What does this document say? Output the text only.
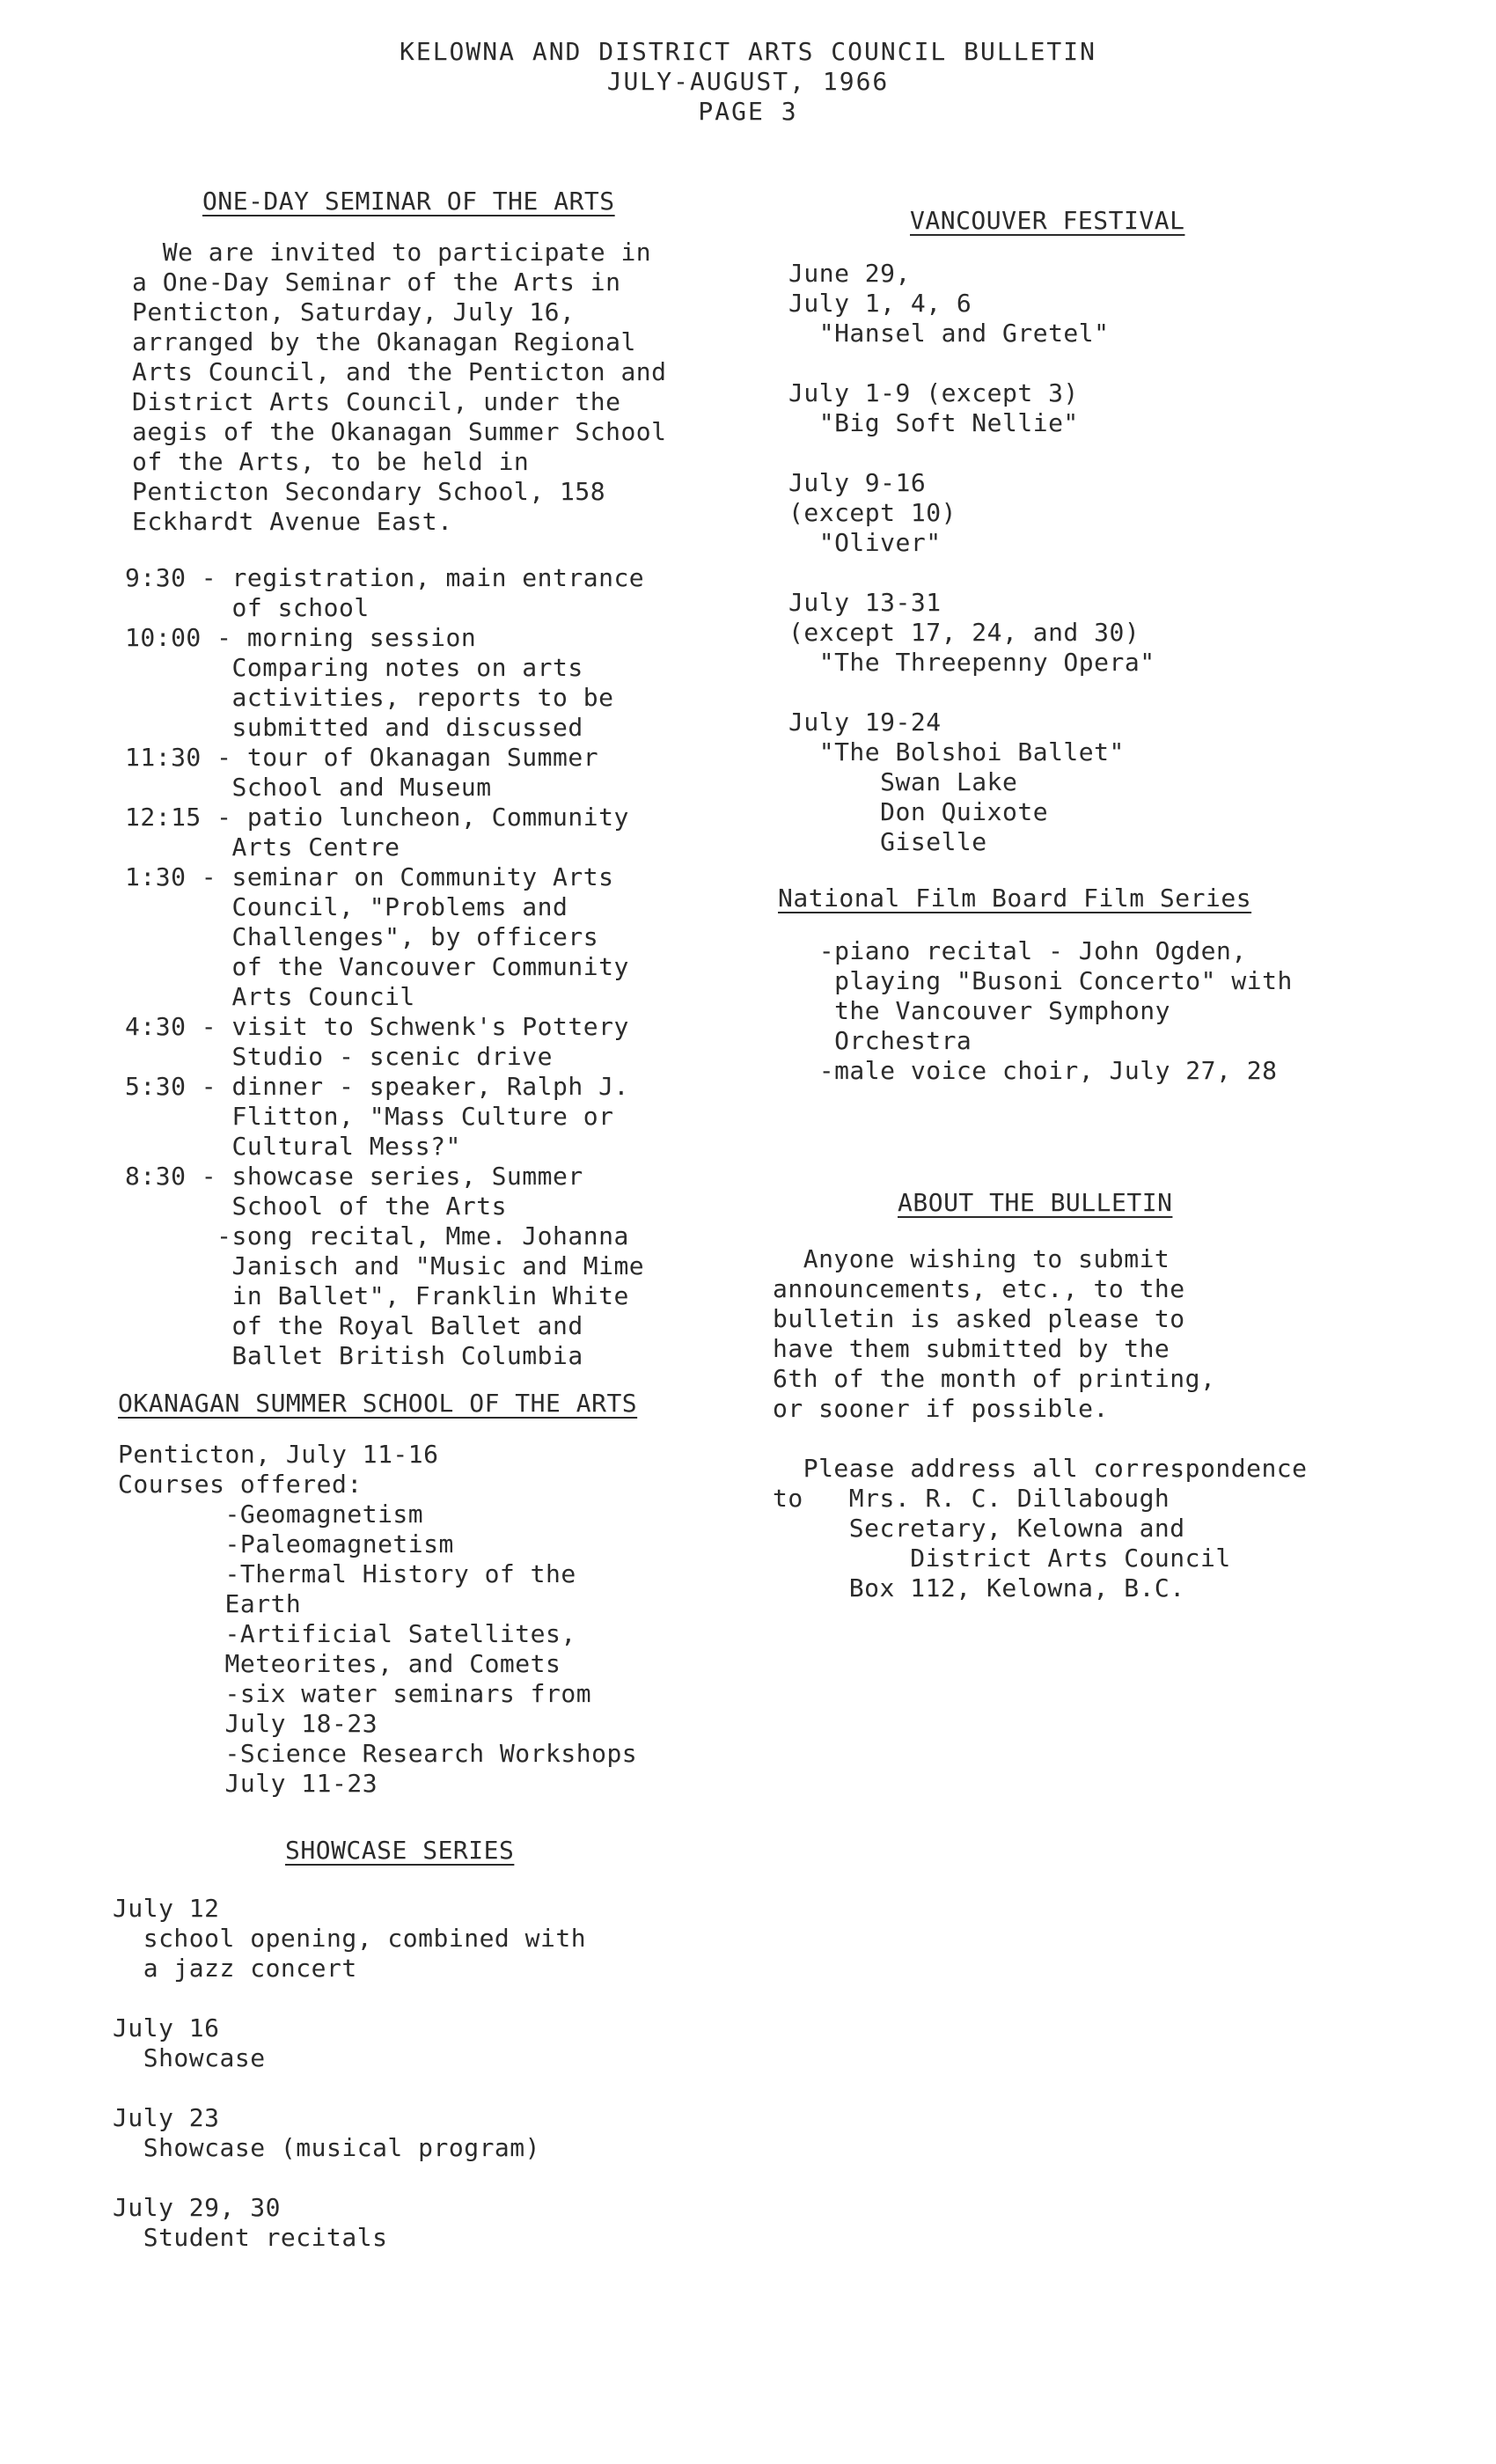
KELOWNA AND DISTRICT ARTS COUNCIL BULLETIN
JULY-AUGUST, 1966
PAGE 3
ONE-DAY SEMINAR OF THE ARTS
We are invited to participate in
a One-Day Seminar of the Arts in
Penticton, Saturday, July 16,
arranged by the Okanagan Regional
Arts Council, and the Penticton and
District Arts Council, under the
aegis of the Okanagan Summer School
of the Arts, to be held in
Penticton Secondary School, 158
Eckhardt Avenue East.
9:30 - registration, main entrance
of school
10:00 - morning session
Comparing notes on arts
activities, reports to be
submitted and discussed
11:30 - tour of Okanagan Summer
School and Museum
12:15 - patio luncheon, Community
Arts Centre
1:30 - seminar on Community Arts
Council, "Problems and
Challenges", by officers
of the Vancouver Community
Arts Council
4:30 - visit to Schwenk's Pottery
Studio - scenic drive
5:30 - dinner - speaker, Ralph J.
Flitton, "Mass Culture or
Cultural Mess?"
8:30 - showcase series, Summer
School of the Arts
-song recital, Mme. Johanna
Janisch and "Music and Mime
in Ballet", Franklin White
of the Royal Ballet and
Ballet British Columbia
OKANAGAN SUMMER SCHOOL OF THE ARTS
Penticton, July 11-16
Courses offered:
-Geomagnetism
-Paleomagnetism
-Thermal History of the
Earth
-Artificial Satellites,
Meteorites, and Comets
-six water seminars from
July 18-23
-Science Research Workshops
July 11-23
SHOWCASE SERIES
July 12
school opening, combined with
a jazz concert
July 16
Showcase
July 23
Showcase (musical program)
July 29, 30
Student recitals
VANCOUVER FESTIVAL
June 29,
July 1, 4, 6
"Hansel and Gretel"
July 1-9 (except 3)
"Big Soft Nellie"
July 9-16
(except 10)
"Oliver"
July 13-31
(except 17, 24, and 30)
"The Threepenny Opera"
July 19-24
"The Bolshoi Ballet"
Swan Lake
Don Quixote
Giselle
National Film Board Film Series
-piano recital - John Ogden,
playing "Busoni Concerto" with
the Vancouver Symphony
Orchestra
-male voice choir, July 27, 28
ABOUT THE BULLETIN
Anyone wishing to submit
announcements, etc., to the
bulletin is asked please to
have them submitted by the
6th of the month of printing,
or sooner if possible.
Please address all correspondence
to   Mrs. R. C. Dillabough
Secretary, Kelowna and
District Arts Council
Box 112, Kelowna, B.C.
